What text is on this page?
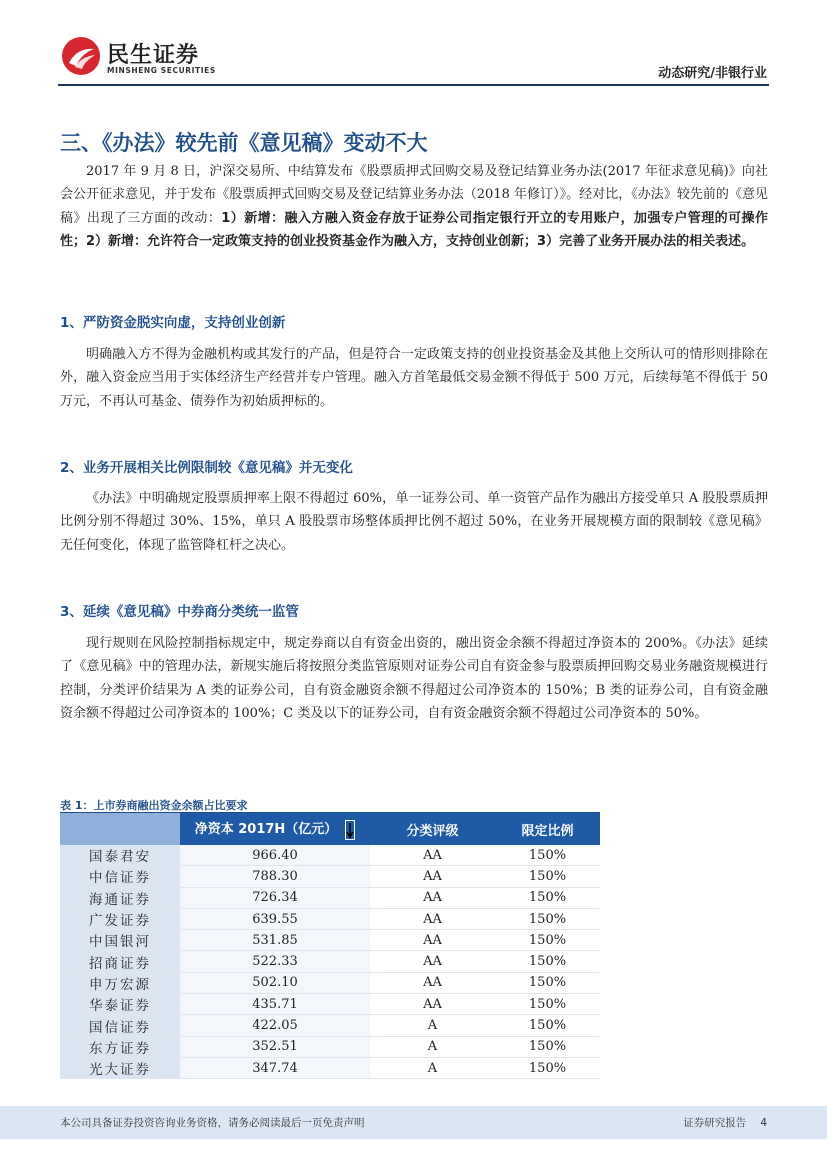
民生证券
MINSHENG SECURITIES	动态研究/非银行业
三、《办法》较先前《意见稿》变动不大
2017 年 9 月 8 日，沪深交易所、中结算发布《股票质押式回购交易及登记结算业务办法(2017 年征求意见稿)》向社会公开征求意见，并于发布《股票质押式回购交易及登记结算业务办法（2018 年修订）》。经对比，《办法》较先前的《意见稿》出现了三方面的改动：1）新增：融入方融入资金存放于证券公司指定银行开立的专用账户，加强专户管理的可操作性；2）新增：允许符合一定政策支持的创业投资基金作为融入方，支持创业创新；3）完善了业务开展办法的相关表述。
1、严防资金脱实向虚，支持创业创新
明确融入方不得为金融机构或其发行的产品，但是符合一定政策支持的创业投资基金及其他上交所认可的情形则排除在外，融入资金应当用于实体经济生产经营并专户管理。融入方首笔最低交易金额不得低于 500 万元，后续每笔不得低于 50 万元，不再认可基金、债券作为初始质押标的。
2、业务开展相关比例限制较《意见稿》并无变化
《办法》中明确规定股票质押率上限不得超过 60%，单一证券公司、单一资管产品作为融出方接受单只 A 股股票质押比例分别不得超过 30%、15%，单只 A 股股票市场整体质押比例不超过 50%，在业务开展规模方面的限制较《意见稿》无任何变化，体现了监管降杠杆之决心。
3、延续《意见稿》中券商分类统一监管
现行规则在风险控制指标规定中，规定券商以自有资金出资的，融出资金余额不得超过净资本的 200%。《办法》延续了《意见稿》中的管理办法，新规实施后将按照分类监管原则对证券公司自有资金参与股票质押回购交易业务融资规模进行控制，分类评价结果为 A 类的证券公司，自有资金融资余额不得超过公司净资本的 150%；B 类的证券公司，自有资金融资余额不得超过公司净资本的 100%；C 类及以下的证券公司，自有资金融资余额不得超过公司净资本的 50%。
表 1：上市券商融出资金余额占比要求
	净资本 2017H（亿元）	分类评级	限定比例
国泰君安	966.40	AA	150%
中信证券	788.30	AA	150%
海通证券	726.34	AA	150%
广发证券	639.55	AA	150%
中国银河	531.85	AA	150%
招商证券	522.33	AA	150%
申万宏源	502.10	AA	150%
华泰证券	435.71	AA	150%
国信证券	422.05	A	150%
东方证券	352.51	A	150%
光大证券	347.74	A	150%
本公司具备证券投资咨询业务资格，请务必阅读最后一页免责声明	证券研究报告 4
